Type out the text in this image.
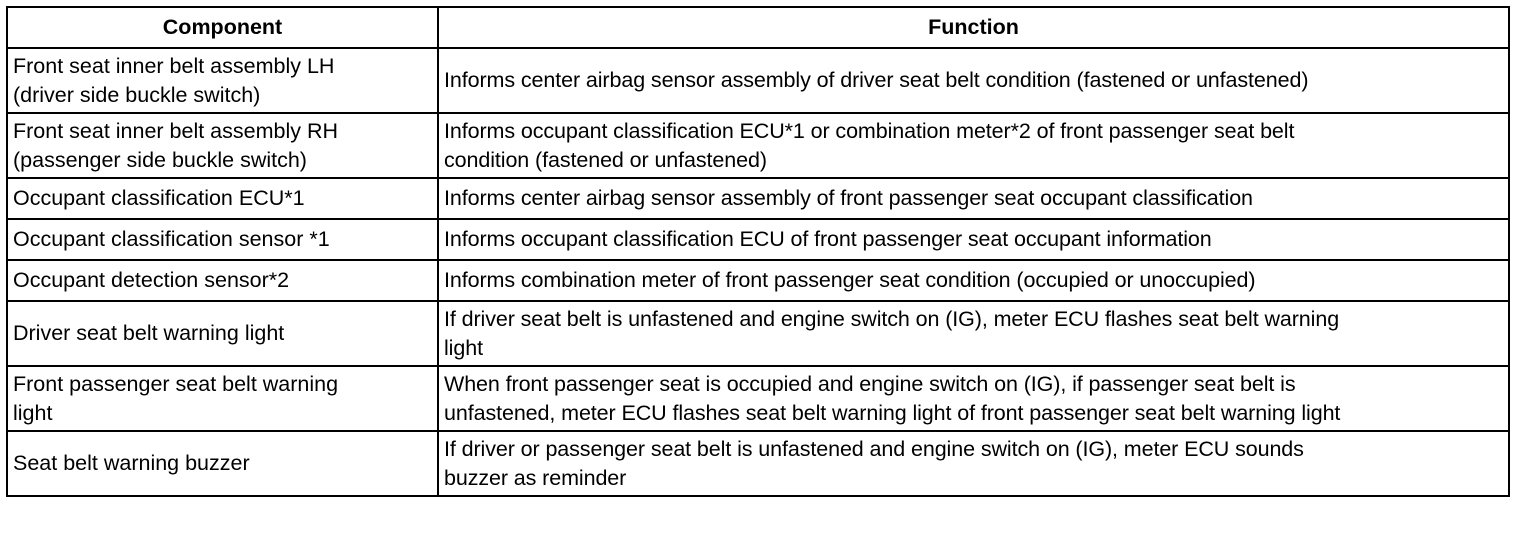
Component	Function
Front seat inner belt assembly LH
(driver side buckle switch)	Informs center airbag sensor assembly of driver seat belt condition (fastened or unfastened)
Front seat inner belt assembly RH
(passenger side buckle switch)	Informs occupant classification ECU*1 or combination meter*2 of front passenger seat belt
condition (fastened or unfastened)
Occupant classification ECU*1	Informs center airbag sensor assembly of front passenger seat occupant classification
Occupant classification sensor *1	Informs occupant classification ECU of front passenger seat occupant information
Occupant detection sensor*2	Informs combination meter of front passenger seat condition (occupied or unoccupied)
Driver seat belt warning light	If driver seat belt is unfastened and engine switch on (IG), meter ECU flashes seat belt warning
light
Front passenger seat belt warning
light	When front passenger seat is occupied and engine switch on (IG), if passenger seat belt is
unfastened, meter ECU flashes seat belt warning light of front passenger seat belt warning light
Seat belt warning buzzer	If driver or passenger seat belt is unfastened and engine switch on (IG), meter ECU sounds
buzzer as reminder
